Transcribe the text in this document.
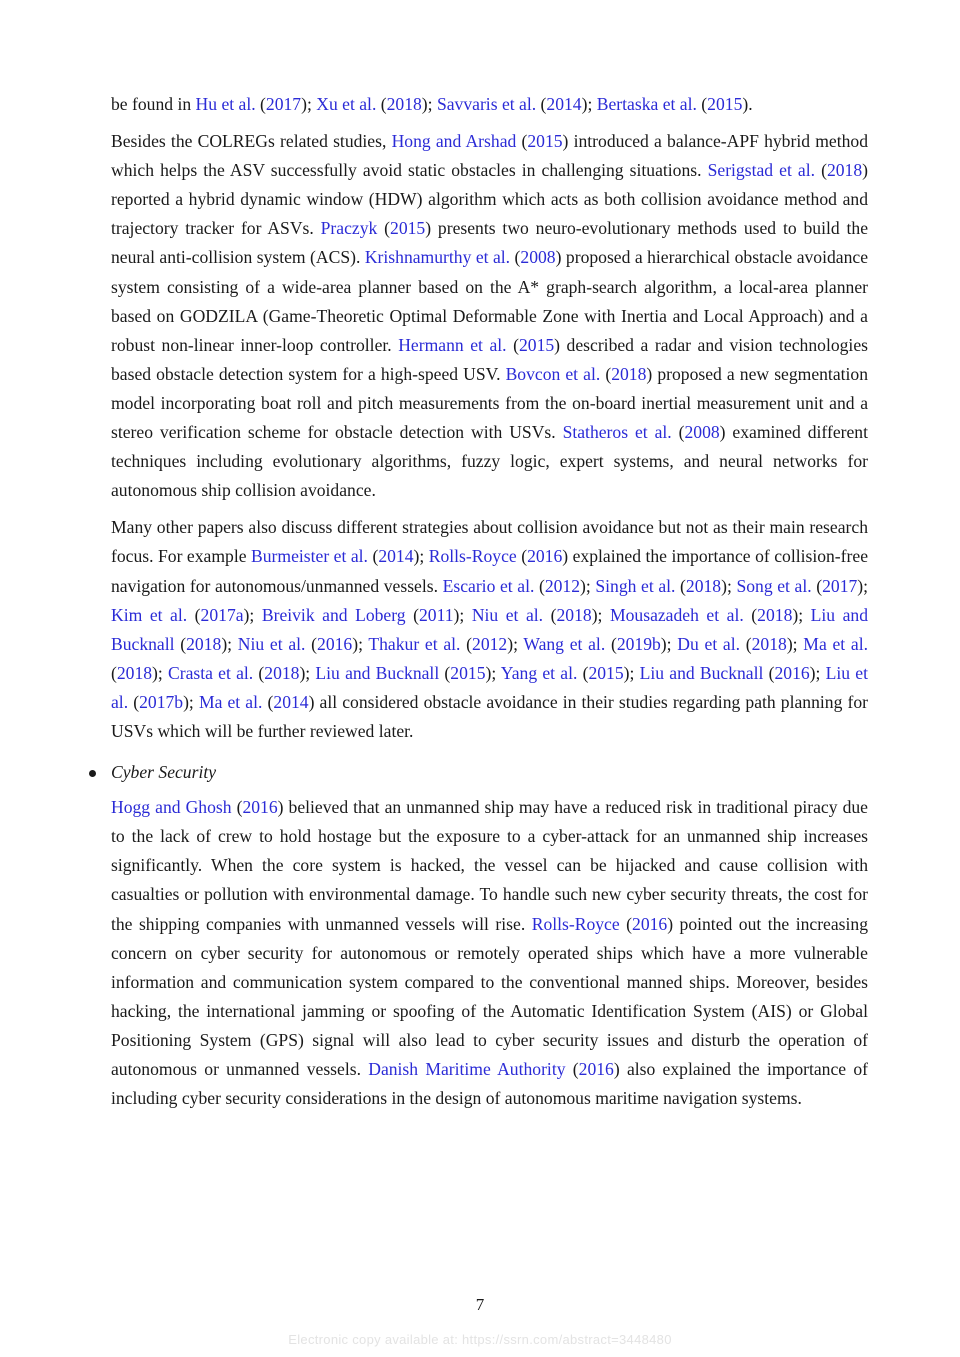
be found in Hu et al. (2017); Xu et al. (2018); Savvaris et al. (2014); Bertaska et al. (2015).

Besides the COLREGs related studies, Hong and Arshad (2015) introduced a balance-APF hybrid method which helps the ASV successfully avoid static obstacles in challenging situations. Serigstad et al. (2018) reported a hybrid dynamic window (HDW) algorithm which acts as both collision avoidance method and trajectory tracker for ASVs. Praczyk (2015) presents two neuro-evolutionary methods used to build the neural anti-collision system (ACS). Krishnamurthy et al. (2008) proposed a hierarchical obstacle avoidance system consisting of a wide-area planner based on the A* graph-search algorithm, a local-area planner based on GODZILA (Game-Theoretic Optimal Deformable Zone with Inertia and Local Approach) and a robust non-linear inner-loop controller. Hermann et al. (2015) described a radar and vision technologies based obstacle detection system for a high-speed USV. Bovcon et al. (2018) proposed a new segmentation model incorporating boat roll and pitch measurements from the on-board inertial measurement unit and a stereo verification scheme for obstacle detection with USVs. Statheros et al. (2008) examined different techniques including evolutionary algorithms, fuzzy logic, expert systems, and neural networks for autonomous ship collision avoidance.

Many other papers also discuss different strategies about collision avoidance but not as their main research focus. For example Burmeister et al. (2014); Rolls-Royce (2016) explained the importance of collision-free navigation for autonomous/unmanned vessels. Escario et al. (2012); Singh et al. (2018); Song et al. (2017); Kim et al. (2017a); Breivik and Loberg (2011); Niu et al. (2018); Mousazadeh et al. (2018); Liu and Bucknall (2018); Niu et al. (2016); Thakur et al. (2012); Wang et al. (2019b); Du et al. (2018); Ma et al. (2018); Crasta et al. (2018); Liu and Bucknall (2015); Yang et al. (2015); Liu and Bucknall (2016); Liu et al. (2017b); Ma et al. (2014) all considered obstacle avoidance in their studies regarding path planning for USVs which will be further reviewed later.

Cyber Security

Hogg and Ghosh (2016) believed that an unmanned ship may have a reduced risk in traditional piracy due to the lack of crew to hold hostage but the exposure to a cyber-attack for an unmanned ship increases significantly. When the core system is hacked, the vessel can be hijacked and cause collision with casualties or pollution with environmental damage. To handle such new cyber security threats, the cost for the shipping companies with unmanned vessels will rise. Rolls-Royce (2016) pointed out the increasing concern on cyber security for autonomous or remotely operated ships which have a more vulnerable information and communication system compared to the conventional manned ships. Moreover, besides hacking, the international jamming or spoofing of the Automatic Identification System (AIS) or Global Positioning System (GPS) signal will also lead to cyber security issues and disturb the operation of autonomous or unmanned vessels. Danish Maritime Authority (2016) also explained the importance of including cyber security considerations in the design of autonomous maritime navigation systems.

7
Electronic copy available at: https://ssrn.com/abstract=3448480
